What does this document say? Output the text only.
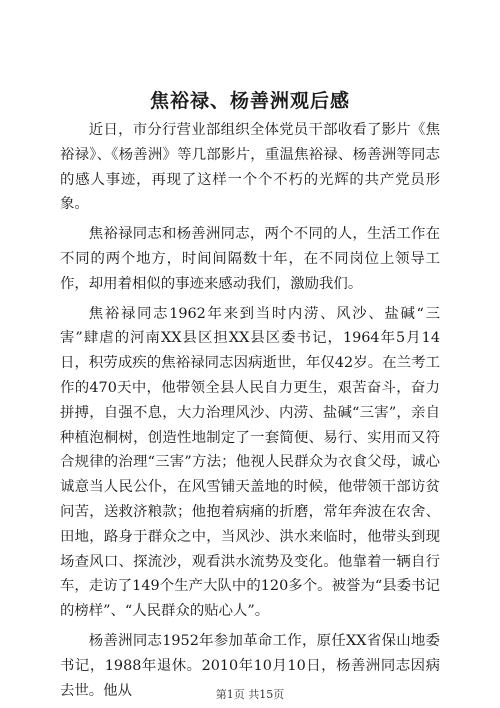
焦裕禄、杨善洲观后感

近日，市分行营业部组织全体党员干部收看了影片《焦裕禄》、《杨善洲》等几部影片，重温焦裕禄、杨善洲等同志的感人事迹，再现了这样一个个不朽的光辉的共产党员形象。

焦裕禄同志和杨善洲同志，两个不同的人，生活工作在不同的两个地方，时间间隔数十年，在不同岗位上领导工作，却用着相似的事迹来感动我们，激励我们。

焦裕禄同志1962年来到当时内涝、风沙、盐碱“三害”肆虐的河南XX县区担XX县区委书记，1964年5月14日，积劳成疾的焦裕禄同志因病逝世，年仅42岁。在兰考工作的470天中，他带领全县人民自力更生，艰苦奋斗，奋力拼搏，自强不息，大力治理风沙、内涝、盐碱“三害”，亲自种植泡桐树，创造性地制定了一套简便、易行、实用而又符合规律的治理“三害”方法；他视人民群众为衣食父母，诚心诚意当人民公仆，在风雪铺天盖地的时候，他带领干部访贫问苦，送救济粮款；他抱着病痛的折磨，常年奔波在农舍、田地，路身于群众之中，当风沙、洪水来临时，他带头到现场查风口、探流沙，观看洪水流势及变化。他靠着一辆自行车，走访了149个生产大队中的120多个。被誉为“县委书记的榜样”、“人民群众的贴心人”。

杨善洲同志1952年参加革命工作，原任XX省保山地委书记，1988年退休。2010年10月10日，杨善洲同志因病去世。他从	第1页 共15页
